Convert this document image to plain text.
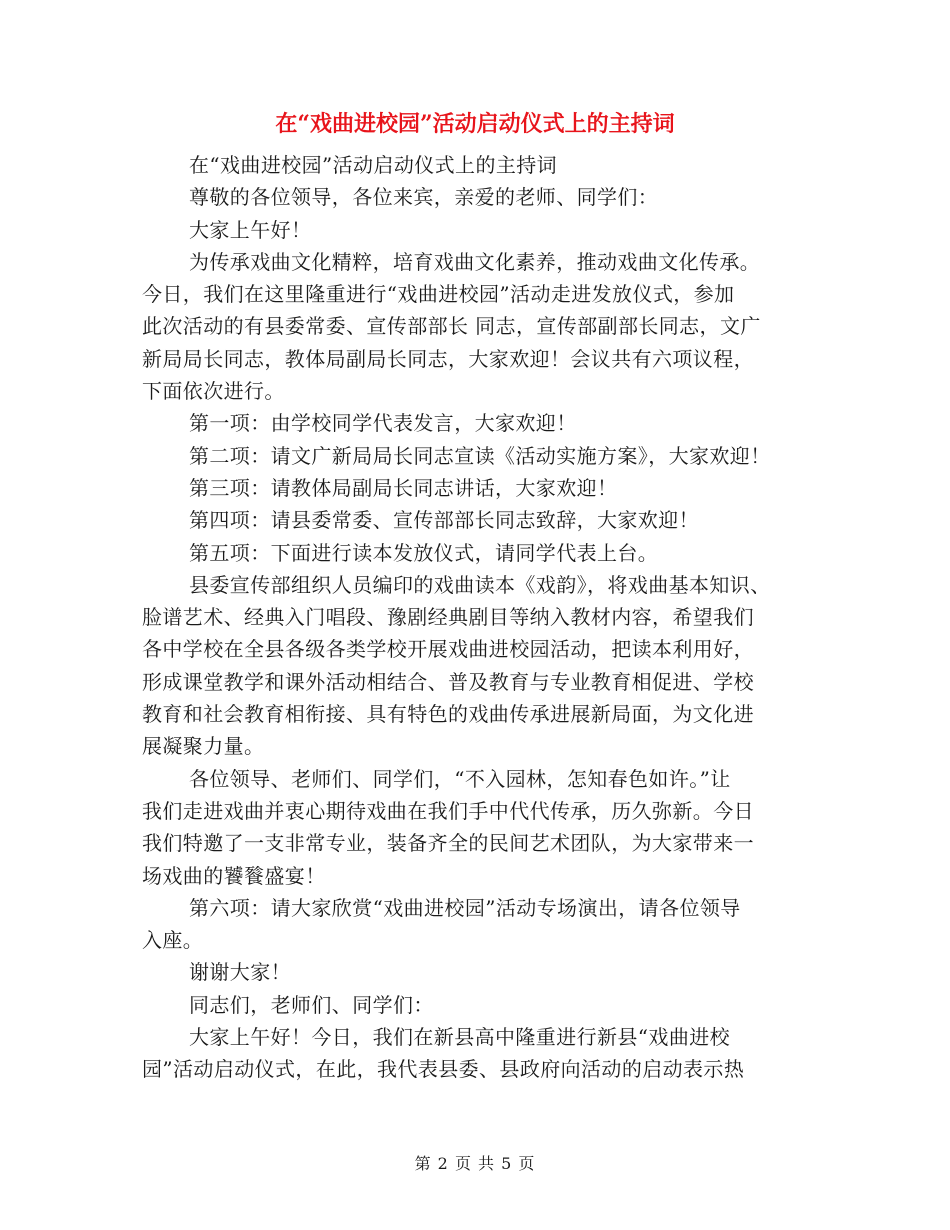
在“戏曲进校园”活动启动仪式上的主持词

在“戏曲进校园”活动启动仪式上的主持词

尊敬的各位领导，各位来宾，亲爱的老师、同学们：

大家上午好！

为传承戏曲文化精粹，培育戏曲文化素养，推动戏曲文化传承。

今日，我们在这里隆重进行“戏曲进校园”活动走进发放仪式，参加

此次活动的有县委常委、宣传部部长 同志，宣传部副部长同志，文广

新局局长同志，教体局副局长同志，大家欢迎！会议共有六项议程，

下面依次进行。

第一项：由学校同学代表发言，大家欢迎！

第二项：请文广新局局长同志宣读《活动实施方案》，大家欢迎！

第三项：请教体局副局长同志讲话，大家欢迎！

第四项：请县委常委、宣传部部长同志致辞，大家欢迎！

第五项：下面进行读本发放仪式，请同学代表上台。

县委宣传部组织人员编印的戏曲读本《戏韵》，将戏曲基本知识、

脸谱艺术、经典入门唱段、豫剧经典剧目等纳入教材内容，希望我们

各中学校在全县各级各类学校开展戏曲进校园活动，把读本利用好，

形成课堂教学和课外活动相结合、普及教育与专业教育相促进、学校

教育和社会教育相衔接、具有特色的戏曲传承进展新局面，为文化进

展凝聚力量。

各位领导、老师们、同学们，“不入园林，怎知春色如许。”让

我们走进戏曲并衷心期待戏曲在我们手中代代传承，历久弥新。今日

我们特邀了一支非常专业，装备齐全的民间艺术团队，为大家带来一

场戏曲的饕餮盛宴！

第六项：请大家欣赏“戏曲进校园”活动专场演出，请各位领导

入座。

谢谢大家！

同志们，老师们、同学们：

大家上午好！今日，我们在新县高中隆重进行新县“戏曲进校

园”活动启动仪式，在此，我代表县委、县政府向活动的启动表示热

第 2 页 共 5 页
